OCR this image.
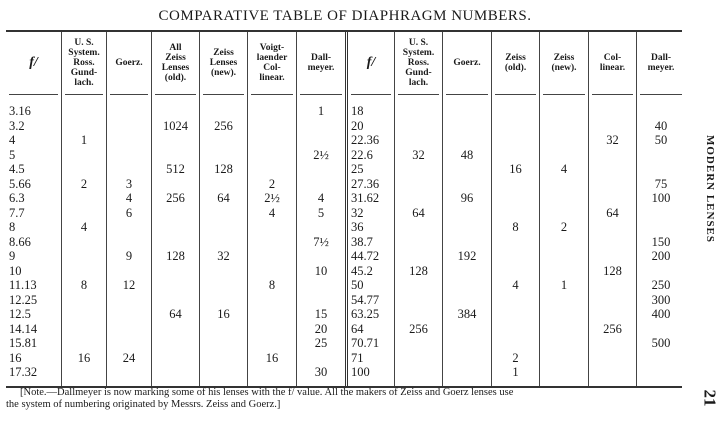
COMPARATIVE TABLE OF DIAPHRAGM NUMBERS.
f/
3.16
3.2
4
5
4.5
5.66
6.3
7.7
8
8.66
9
10
11.13
12.25
12.5
14.14
15.81
16
17.32
U. S.
System.
Ross.
Gund-
lach.
1
2
4
8
16
Goerz.
3
4
6
9
12
24
All
Zeiss
Lenses
(old).
1024
512
256
128
64
Zeiss
Lenses
(new).
256
128
64
32
16
Voigt-
laender
Col-
linear.
2
2½
4
8
16
Dall-
meyer.
1
2½
4
5
7½
10
15
20
25
30
f/
18
20
22.36
22.6
25
27.36
31.62
32
36
38.7
44.72
45.2
50
54.77
63.25
64
70.71
71
100
U. S.
System.
Ross.
Gund-
lach.
32
64
128
256
Goerz.
48
96
192
384
Zeiss
(old).
16
8
4
2
1
Zeiss
(new).
4
2
1
Col-
linear.
32
64
128
256
Dall-
meyer.
40
50
75
100
150
200
250
300
400
500
[Note.—Dallmeyer is now marking some of his lenses with the f/ value. All the makers of Zeiss and Goerz lenses use
the system of numbering originated by Messrs. Zeiss and Goerz.]
MODERN LENSES
21
